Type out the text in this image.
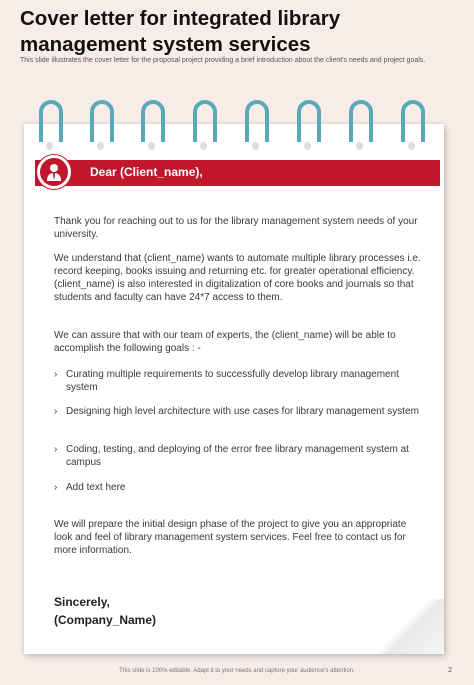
Cover letter for integrated library management system services
This slide illustrates the cover letter for the proposal project providing a brief introduction about the client's needs and project goals.
Dear (Client_name),
Thank you for reaching out to us for the library management system needs of your university.
We understand that (client_name) wants to automate multiple library processes i.e. record keeping, books issuing and returning etc. for greater operational efficiency. (client_name) is also interested in digitalization of core books and journals so that students and faculty can have 24*7 access to them.
We can assure that with our team of experts, the (client_name) will be able to accomplish the following goals : -
› Curating multiple requirements to successfully develop library management system
› Designing high level architecture with use cases for library management system
› Coding, testing, and deploying of the error free library management system at campus
› Add text here
We will prepare the initial design phase of the project to give you an appropriate look and feel of library management system services. Feel free to contact us for more information.
Sincerely,
(Company_Name)
This slide is 100% editable. Adapt it to your needs and capture your audience's attention.	2
